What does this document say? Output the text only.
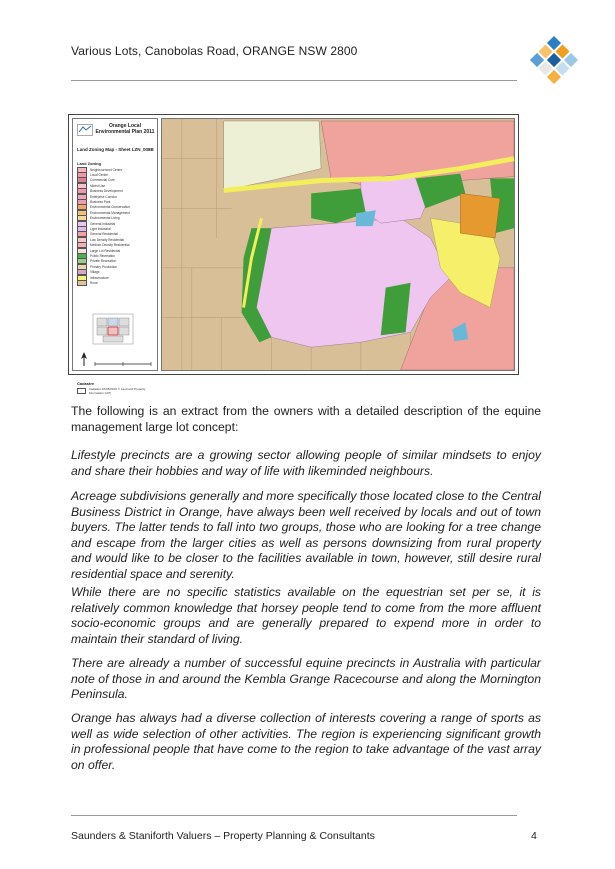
Various Lots, Canobolas Road, ORANGE NSW 2800
Orange Local Environmental Plan 2011
Land Zoning Map - Sheet LZN_008B
Land Zoning
Neighbourhood Centre
Local Centre
Commercial Core
Mixed Use
Business Development
Enterprise Corridor
Business Park
Environmental Conservation
Environmental Management
Environmental Living
General Industrial
Light Industrial
General Residential
Low Density Residential
Medium Density Residential
Large Lot Residential
Public Recreation
Private Recreation
Primary Production
Village
Infrastructure
Rural
Cadastre
Cadastre 10/05/2010 © Land and Property Information (LPI)

The following is an extract from the owners with a detailed description of the equine management large lot concept:

Lifestyle precincts are a growing sector allowing people of similar mindsets to enjoy and share their hobbies and way of life with likeminded neighbours.

Acreage subdivisions generally and more specifically those located close to the Central Business District in Orange, have always been well received by locals and out of town buyers. The latter tends to fall into two groups, those who are looking for a tree change and escape from the larger cities as well as persons downsizing from rural property and would like to be closer to the facilities available in town, however, still desire rural residential space and serenity.

While there are no specific statistics available on the equestrian set per se, it is relatively common knowledge that horsey people tend to come from the more affluent socio-economic groups and are generally prepared to expend more in order to maintain their standard of living.

There are already a number of successful equine precincts in Australia with particular note of those in and around the Kembla Grange Racecourse and along the Mornington Peninsula.

Orange has always had a diverse collection of interests covering a range of sports as well as wide selection of other activities. The region is experiencing significant growth in professional people that have come to the region to take advantage of the vast array on offer.

Saunders & Staniforth Valuers – Property Planning & Consultants	4
